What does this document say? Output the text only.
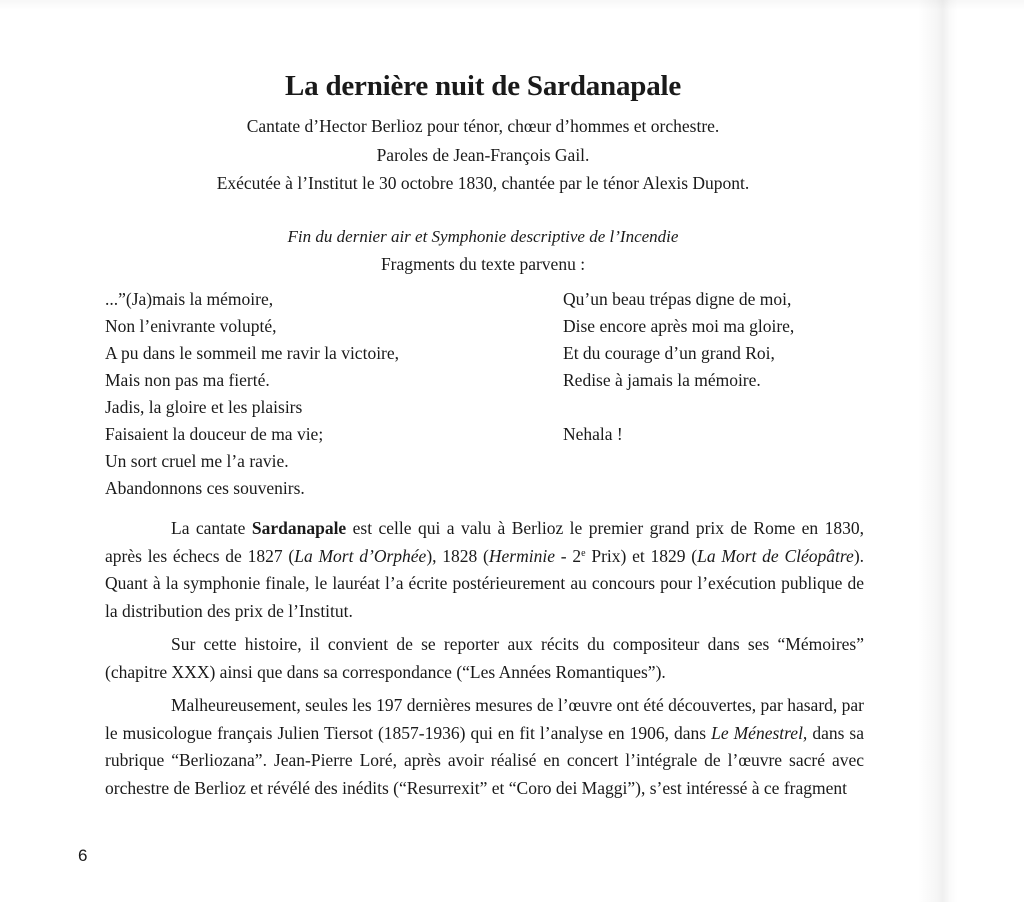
La dernière nuit de Sardanapale

Cantate d’Hector Berlioz pour ténor, chœur d’hommes et orchestre.

Paroles de Jean-François Gail.

Exécutée à l’Institut le 30 octobre 1830, chantée par le ténor Alexis Dupont.

Fin du dernier air et Symphonie descriptive de l’Incendie

Fragments du texte parvenu :

...”(Ja)mais la mémoire,
Non l’enivrante volupté,
A pu dans le sommeil me ravir la victoire,
Mais non pas ma fierté.
Jadis, la gloire et les plaisirs
Faisaient la douceur de ma vie;
Un sort cruel me l’a ravie.
Abandonnons ces souvenirs.
Qu’un beau trépas digne de moi,
Dise encore après moi ma gloire,
Et du courage d’un grand Roi,
Redise à jamais la mémoire.
Nehala !

La cantate Sardanapale est celle qui a valu à Berlioz le premier grand prix de Rome en 1830, après les échecs de 1827 (La Mort d’Orphée), 1828 (Herminie - 2e Prix) et 1829 (La Mort de Cléopâtre). Quant à la symphonie finale, le lauréat l’a écrite postérieurement au concours pour l’exécution publique de la distribution des prix de l’Institut.

Sur cette histoire, il convient de se reporter aux récits du compositeur dans ses “Mémoires” (chapitre XXX) ainsi que dans sa correspondance (“Les Années Romantiques”).

Malheureusement, seules les 197 dernières mesures de l’œuvre ont été découvertes, par hasard, par le musicologue français Julien Tiersot (1857-1936) qui en fit l’analyse en 1906, dans Le Ménestrel, dans sa rubrique “Berliozana”. Jean-Pierre Loré, après avoir réalisé en concert l’intégrale de l’œuvre sacré avec orchestre de Berlioz et révélé des inédits (“Resurrexit” et “Coro dei Maggi”), s’est intéressé à ce fragment

6
